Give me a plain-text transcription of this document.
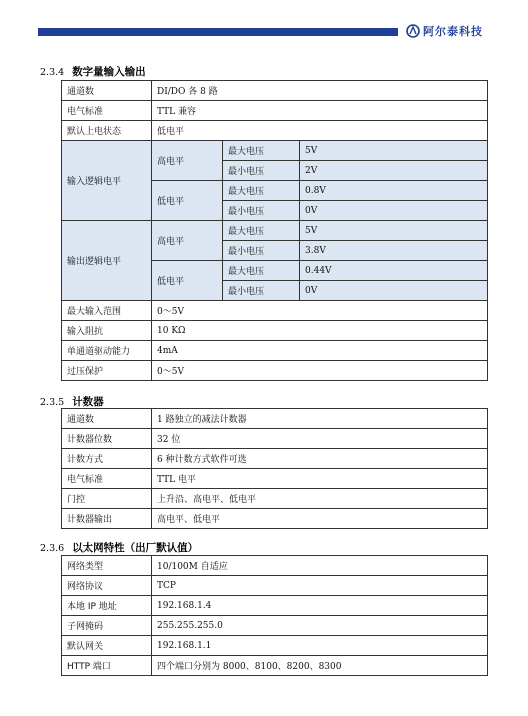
阿尔泰科技
2.3.4 数字量输入输出
通道数	DI/DO 各 8 路		
电气标准	TTL 兼容		
默认上电状态	低电平		
输入逻辑电平	高电平	最大电压	5V
		最小电压	2V
	低电平	最大电压	0.8V
		最小电压	0V
输出逻辑电平	高电平	最大电压	5V
		最小电压	3.8V
	低电平	最大电压	0.44V
		最小电压	0V
最大输入范围	0～5V		
输入阻抗	10 KΩ		
单通道驱动能力	4mA		
过压保护	0～5V		
2.3.5 计数器
通道数	1 路独立的减法计数器
计数器位数	32 位
计数方式	6 种计数方式软件可选
电气标准	TTL 电平
门控	上升沿、高电平、低电平
计数器输出	高电平、低电平
2.3.6 以太网特性（出厂默认值）
网络类型	10/100M 自适应
网络协议	TCP
本地 IP 地址	192.168.1.4
子网掩码	255.255.255.0
默认网关	192.168.1.1
HTTP 端口	四个端口分别为 8000、8100、8200、8300
